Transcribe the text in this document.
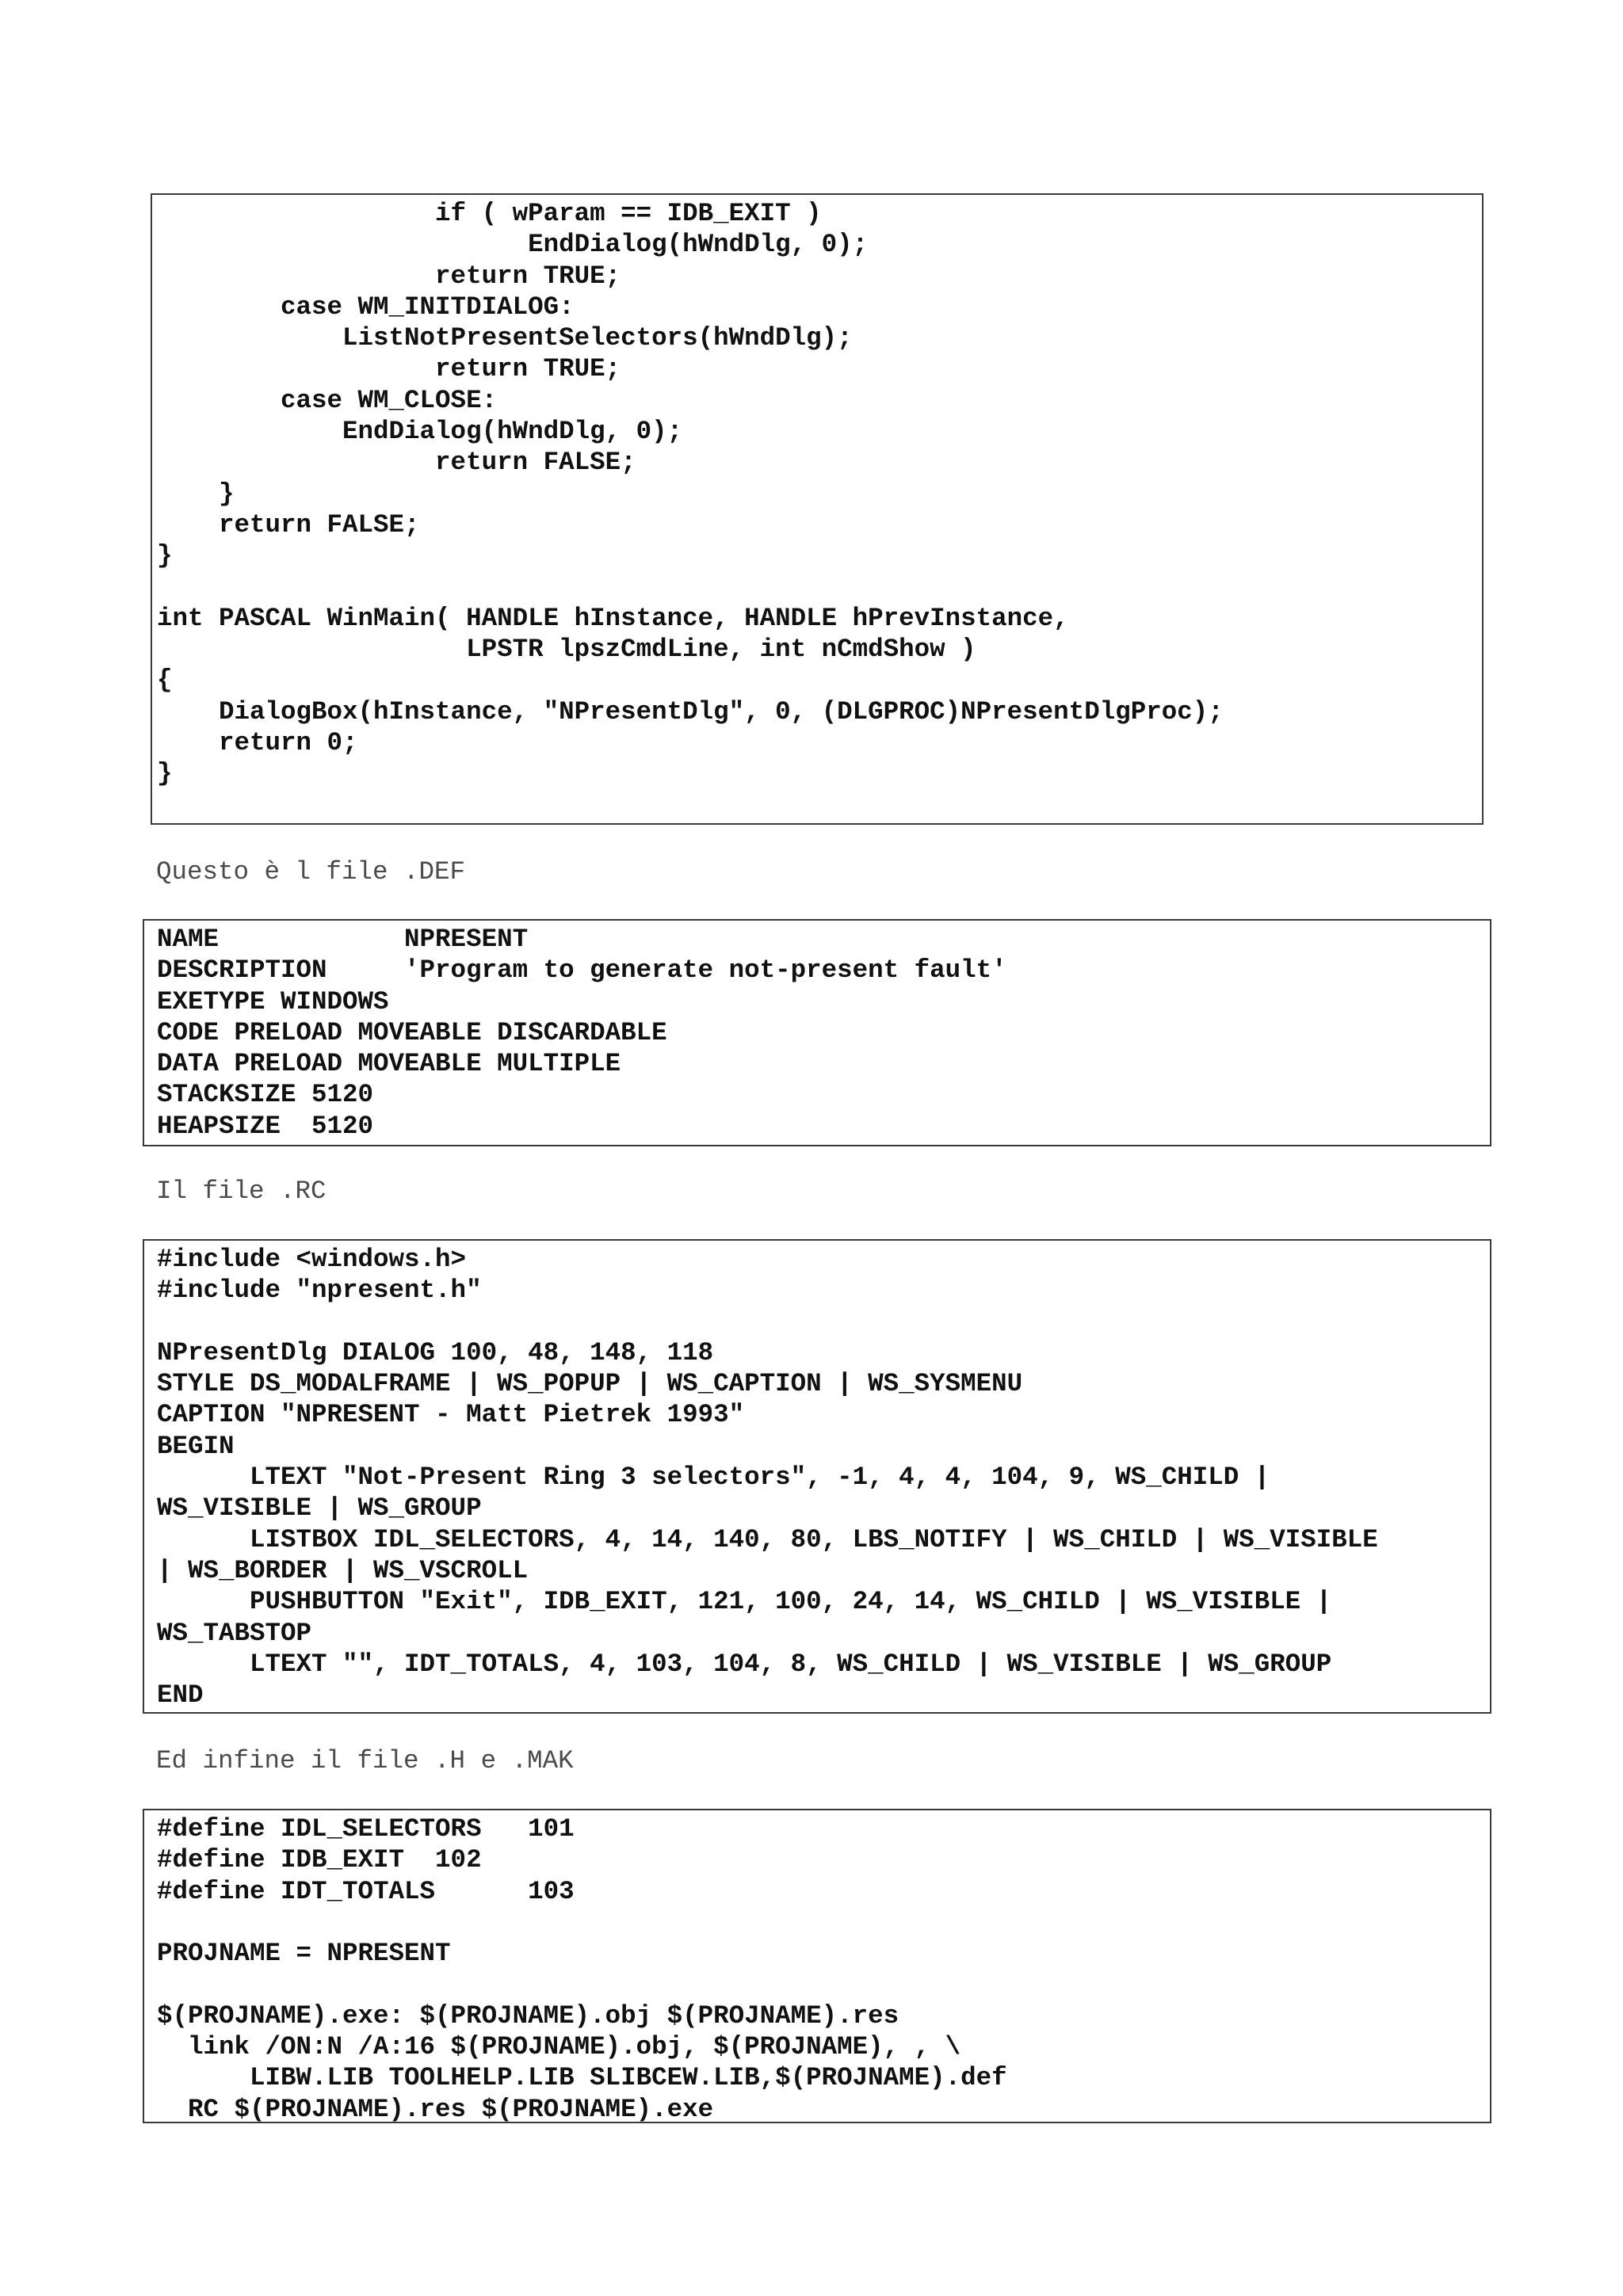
if ( wParam == IDB_EXIT )
EndDialog(hWndDlg, 0);
return TRUE;
case WM_INITDIALOG:
ListNotPresentSelectors(hWndDlg);
return TRUE;
case WM_CLOSE:
EndDialog(hWndDlg, 0);
return FALSE;
}
return FALSE;
}

int PASCAL WinMain( HANDLE hInstance, HANDLE hPrevInstance,
LPSTR lpszCmdLine, int nCmdShow )
{
DialogBox(hInstance, "NPresentDlg", 0, (DLGPROC)NPresentDlgProc);
return 0;
}

Questo è l file .DEF

NAME            NPRESENT
DESCRIPTION     'Program to generate not-present fault'
EXETYPE WINDOWS
CODE PRELOAD MOVEABLE DISCARDABLE
DATA PRELOAD MOVEABLE MULTIPLE
STACKSIZE 5120
HEAPSIZE  5120

Il file .RC

#include <windows.h>
#include "npresent.h"

NPresentDlg DIALOG 100, 48, 148, 118
STYLE DS_MODALFRAME | WS_POPUP | WS_CAPTION | WS_SYSMENU
CAPTION "NPRESENT - Matt Pietrek 1993"
BEGIN
LTEXT "Not-Present Ring 3 selectors", -1, 4, 4, 104, 9, WS_CHILD |
WS_VISIBLE | WS_GROUP
LISTBOX IDL_SELECTORS, 4, 14, 140, 80, LBS_NOTIFY | WS_CHILD | WS_VISIBLE
| WS_BORDER | WS_VSCROLL
PUSHBUTTON "Exit", IDB_EXIT, 121, 100, 24, 14, WS_CHILD | WS_VISIBLE |
WS_TABSTOP
LTEXT "", IDT_TOTALS, 4, 103, 104, 8, WS_CHILD | WS_VISIBLE | WS_GROUP
END

Ed infine il file .H e .MAK

#define IDL_SELECTORS   101
#define IDB_EXIT  102
#define IDT_TOTALS      103

PROJNAME = NPRESENT

$(PROJNAME).exe: $(PROJNAME).obj $(PROJNAME).res
link /ON:N /A:16 $(PROJNAME).obj, $(PROJNAME), , \
LIBW.LIB TOOLHELP.LIB SLIBCEW.LIB,$(PROJNAME).def
RC $(PROJNAME).res $(PROJNAME).exe
